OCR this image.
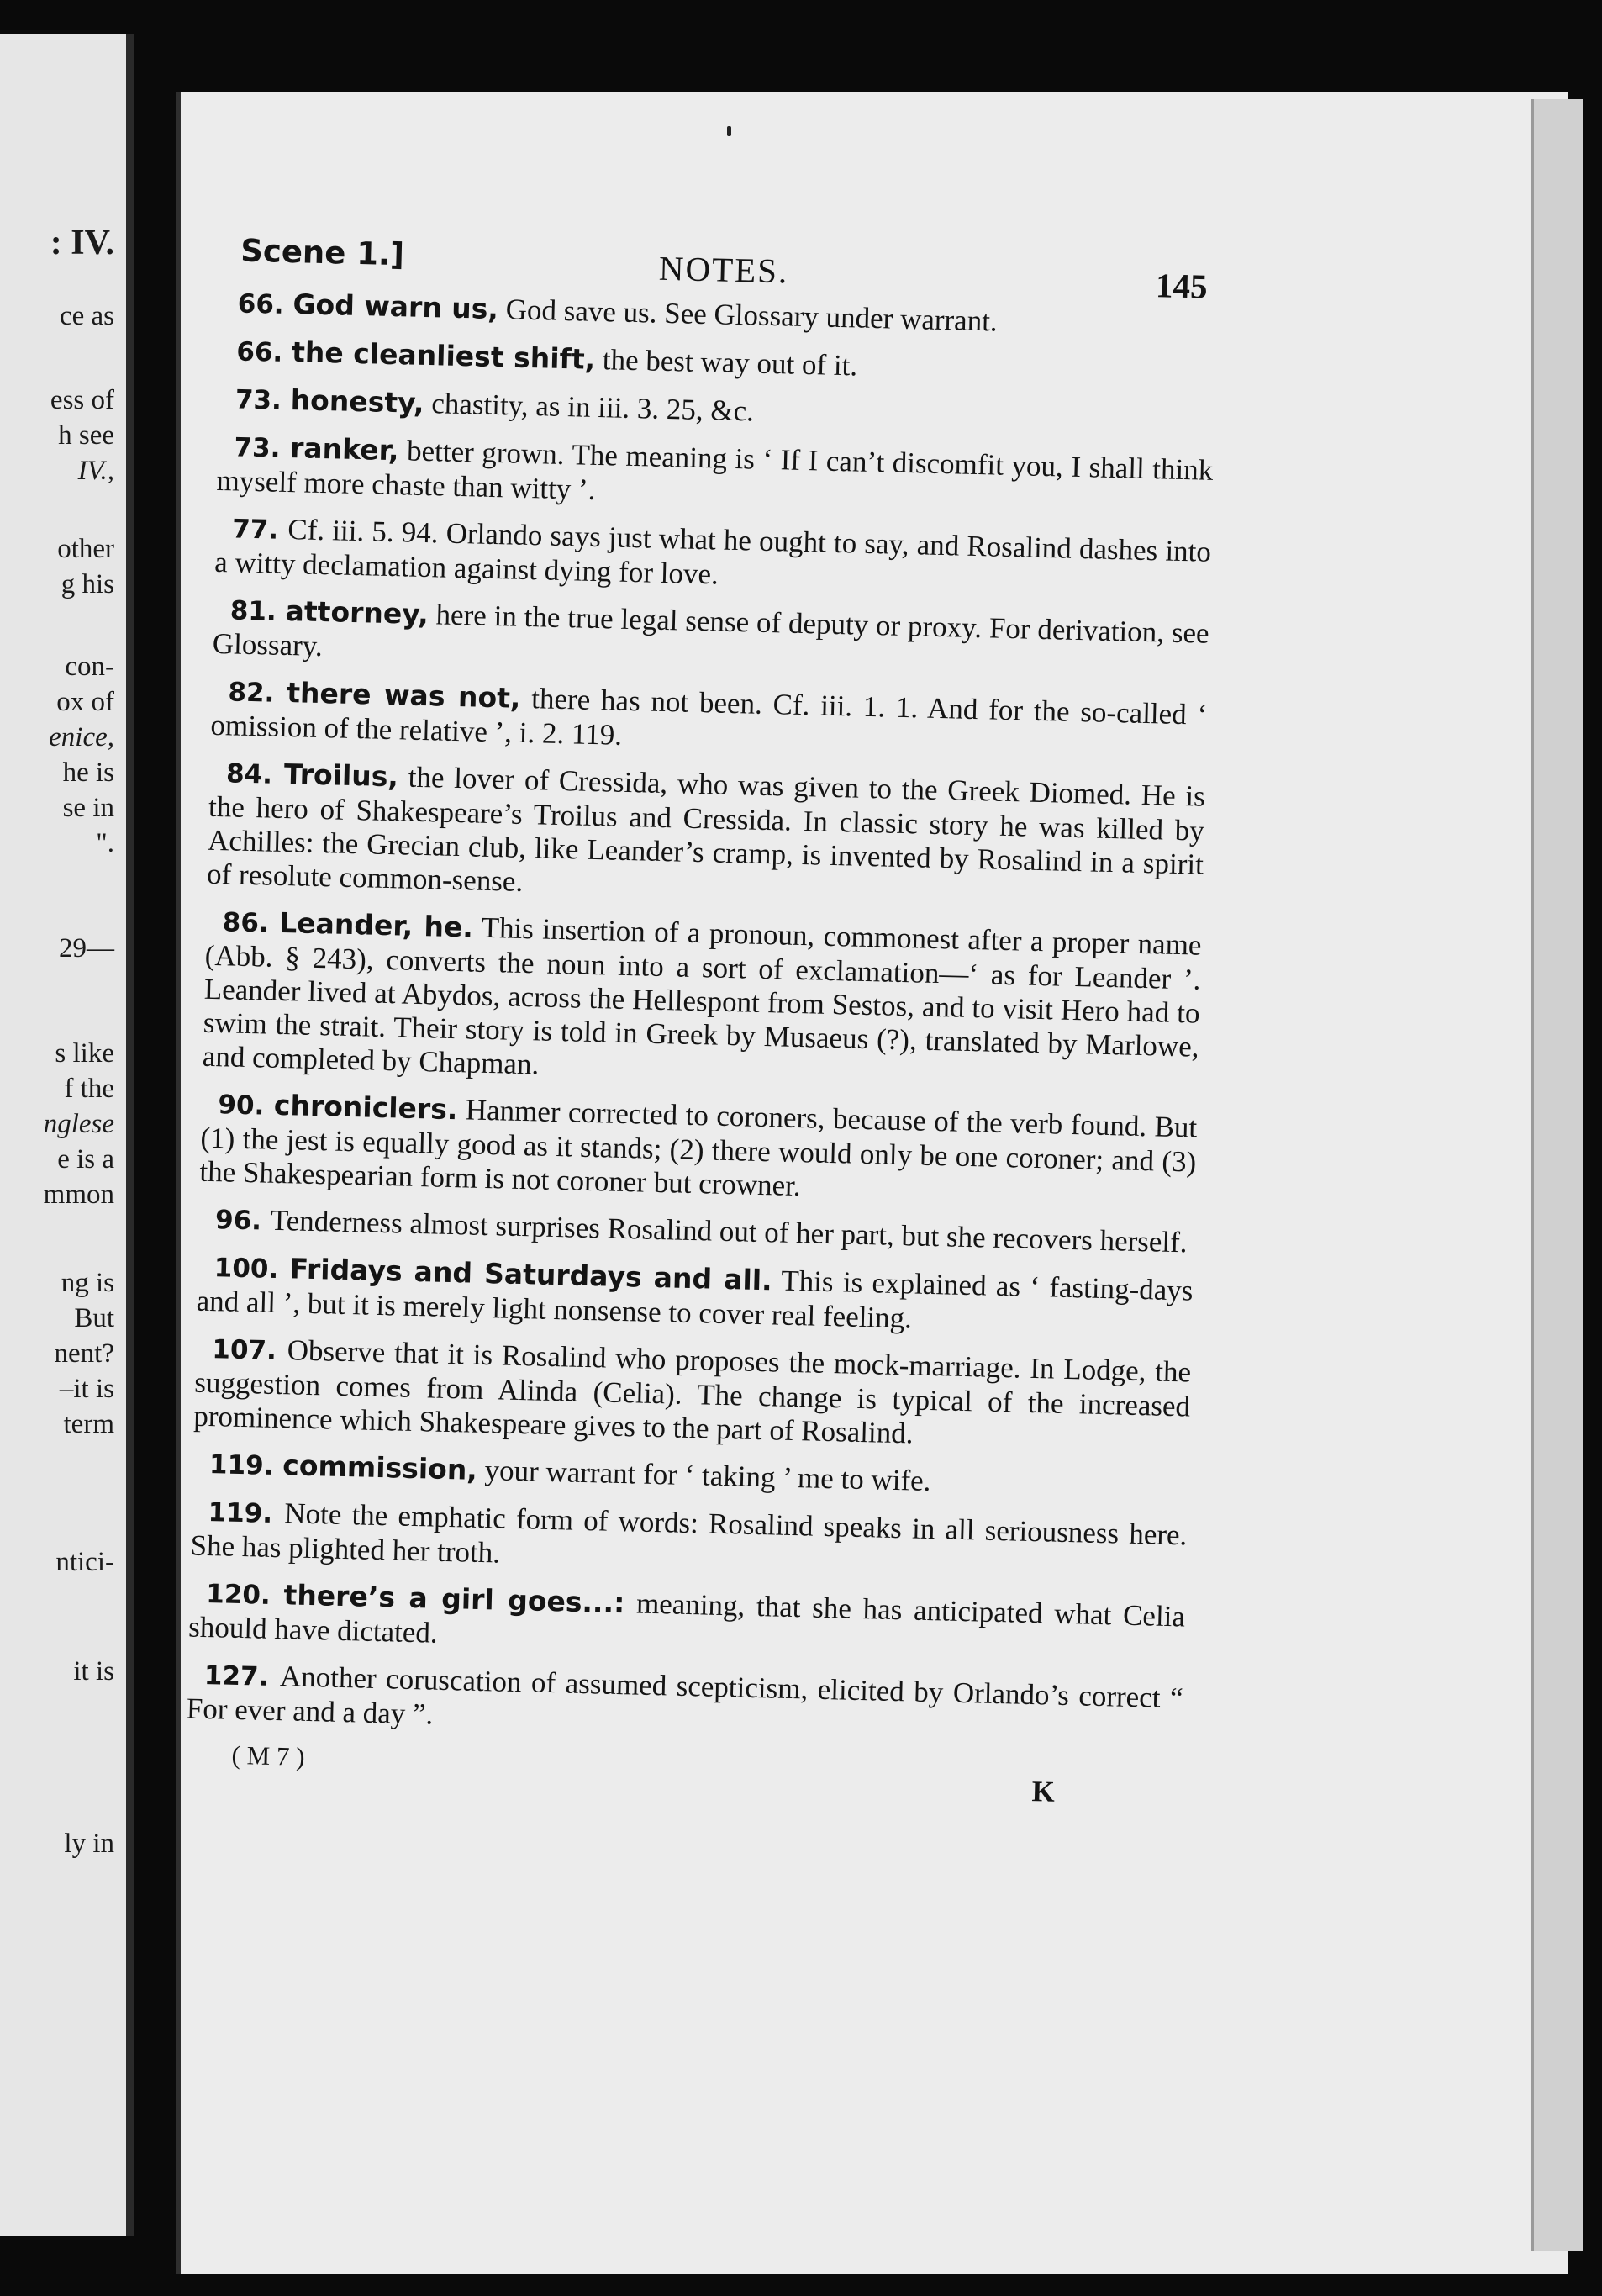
: IV.
ce as
ess of
h see
IV.,
other
g his
con-
ox of
enice,
he is
se in
".
29—
s like
f the
nglese
e is a
mmon
ng is
But
nent?
–it is
term
ntici-
it is
ly in
Scene 1.]	NOTES.	145

66. God warn us, God save us. See Glossary under warrant.

66. the cleanliest shift, the best way out of it.

73. honesty, chastity, as in iii. 3. 25, &c.

73. ranker, better grown. The meaning is ‘ If I can’t discomfit you, I shall think myself more chaste than witty ’.

77. Cf. iii. 5. 94. Orlando says just what he ought to say, and Rosalind dashes into a witty declamation against dying for love.

81. attorney, here in the true legal sense of deputy or proxy. For derivation, see Glossary.

82. there was not, there has not been. Cf. iii. 1. 1. And for the so-called ‘ omission of the relative ’, i. 2. 119.

84. Troilus, the lover of Cressida, who was given to the Greek Diomed. He is the hero of Shakespeare’s Troilus and Cressida. In classic story he was killed by Achilles: the Grecian club, like Leander’s cramp, is invented by Rosalind in a spirit of resolute common-sense.

86. Leander, he. This insertion of a pronoun, commonest after a proper name (Abb. § 243), converts the noun into a sort of exclamation—‘ as for Leander ’. Leander lived at Abydos, across the Hellespont from Sestos, and to visit Hero had to swim the strait. Their story is told in Greek by Musaeus (?), translated by Marlowe, and completed by Chapman.

90. chroniclers. Hanmer corrected to coroners, because of the verb found. But (1) the jest is equally good as it stands; (2) there would only be one coroner; and (3) the Shakespearian form is not coroner but crowner.

96. Tenderness almost surprises Rosalind out of her part, but she recovers herself.

100. Fridays and Saturdays and all. This is explained as ‘ fasting-days and all ’, but it is merely light nonsense to cover real feeling.

107. Observe that it is Rosalind who proposes the mock-marriage. In Lodge, the suggestion comes from Alinda (Celia). The change is typical of the increased prominence which Shakespeare gives to the part of Rosalind.

119. commission, your warrant for ‘ taking ’ me to wife.

119. Note the emphatic form of words: Rosalind speaks in all seriousness here. She has plighted her troth.

120. there’s a girl goes...: meaning, that she has anticipated what Celia should have dictated.

127. Another coruscation of assumed scepticism, elicited by Orlando’s correct “ For ever and a day ”.

( M 7 )
K
